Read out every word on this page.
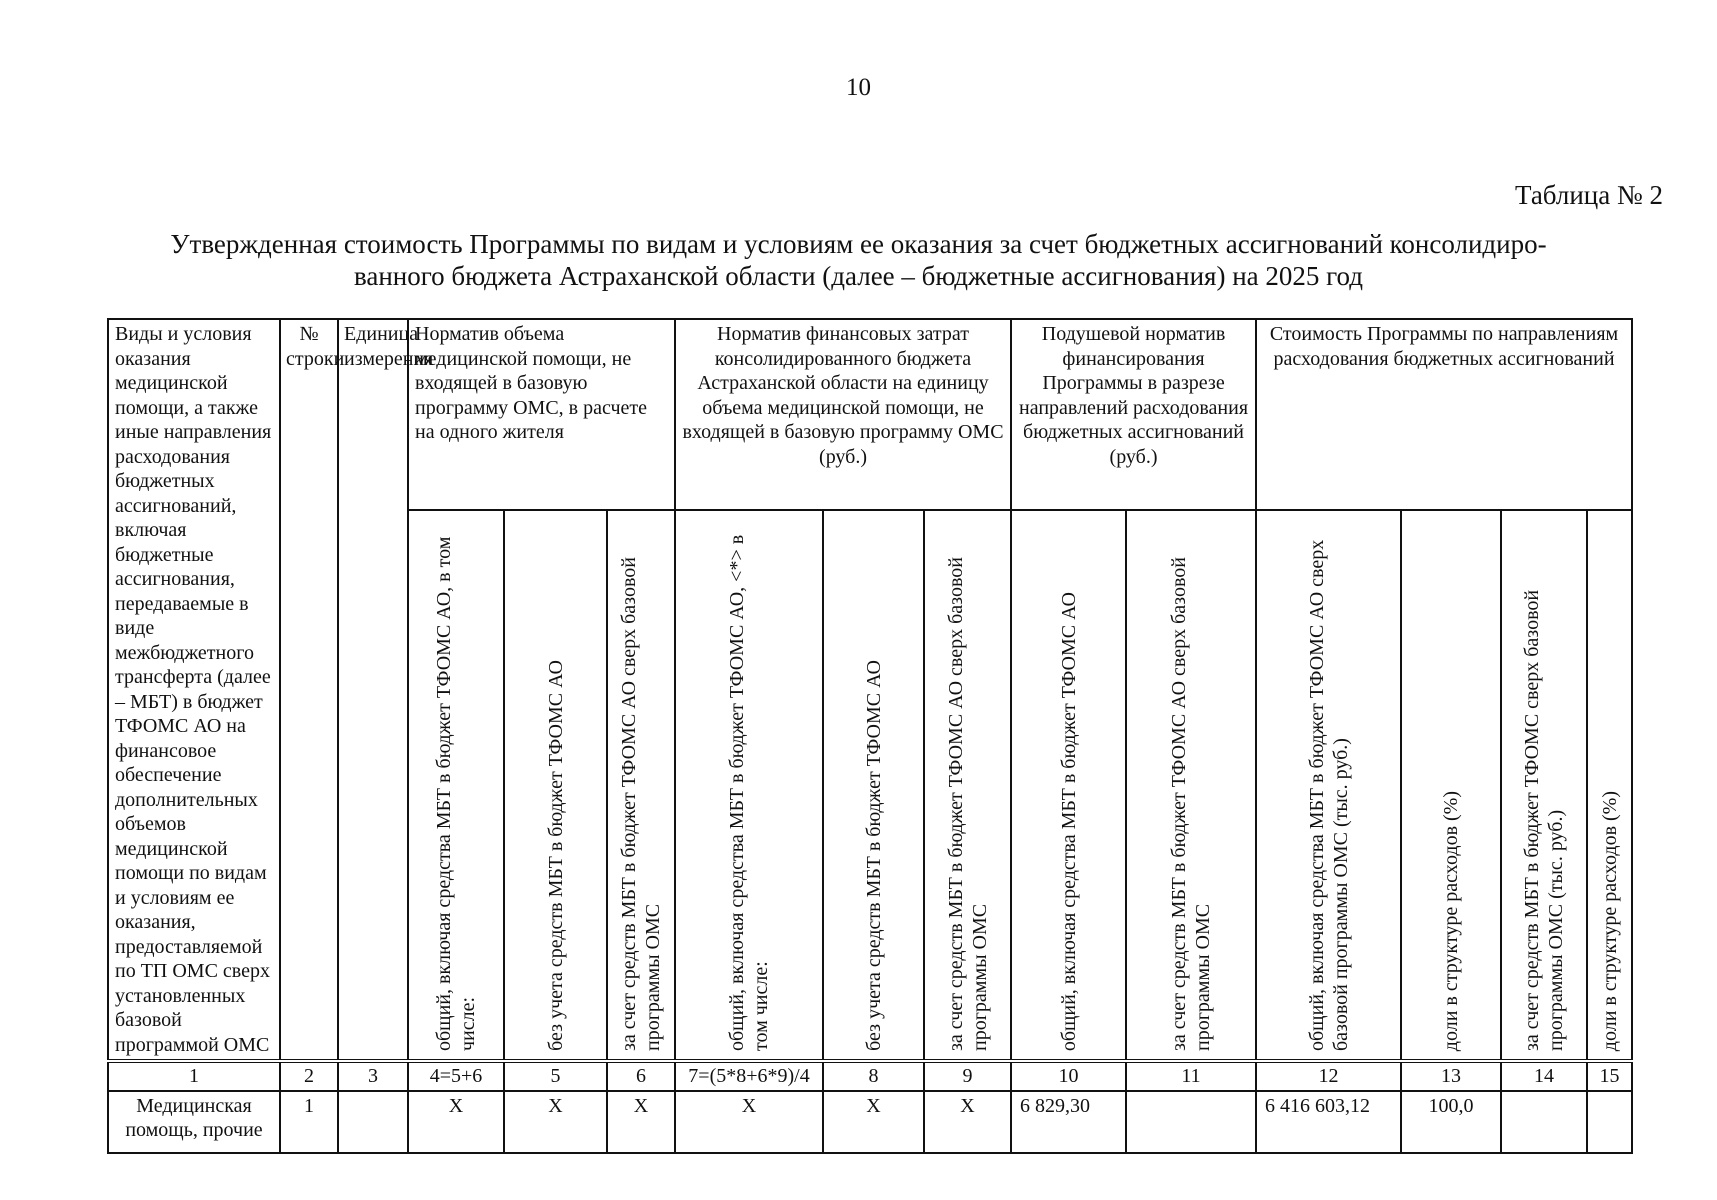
10
Таблица № 2
Утвержденная стоимость Программы по видам и условиям ее оказания за счет бюджетных ассигнований консолидиро-
ванного бюджета Астраханской области (далее – бюджетные ассигнования) на 2025 год
Виды и условия оказания медицинской помощи, а также иные направления расходования бюджетных ассигнований, включая бюджетные ассигнования, передаваемые в виде межбюджетного трансферта (далее – МБТ) в бюджет ТФОМС АО на финансовое обеспечение дополнительных объемов медицинской помощи по видам и условиям ее оказания, предоставляемой по ТП ОМС сверх установленных базовой программой ОМС	№ строки	Единица измерения	Норматив объема медицинской помощи, не входящей в базовую программу ОМС, в расчете на одного жителя			Норматив финансовых затрат консолидированного бюджета Астраханской области на единицу объема медицинской помощи, не входящей в базовую программу ОМС (руб.)			Подушевой норматив финансирования Программы в разрезе направлений расходования бюджетных ассигнований (руб.)		Стоимость Программы по направлениям расходования бюджетных ассигнований			

			общий, включая средства МБТ в бюджет ТФОМС АО, в том числе:	без учета средств МБТ в бюджет ТФОМС АО	за счет средств МБТ в бюджет ТФОМС АО сверх базовой программы ОМС	общий, включая средства МБТ в бюджет ТФОМС АО, <*> в том числе:	без учета средств МБТ в бюджет ТФОМС АО	за счет средств МБТ в бюджет ТФОМС АО сверх базовой программы ОМС	общий, включая средства МБТ в бюджет ТФОМС АО	за счет средств МБТ в бюджет ТФОМС АО сверх базовой программы ОМС	общий, включая средства МБТ в бюджет ТФОМС АО сверх базовой программы ОМС (тыс. руб.)	доли в структуре расходов (%)	за счет средств МБТ в бюджет ТФОМС сверх базовой программы ОМС (тыс. руб.)	доли в структуре расходов (%)

1	2	3	4=5+6	5	6	7=(5*8+6*9)/4	8	9	10	11	12	13	14	15
Медицинская помощь, прочие	1		X	X	X	X	X	X	6 829,30		6 416 603,12	100,0		
